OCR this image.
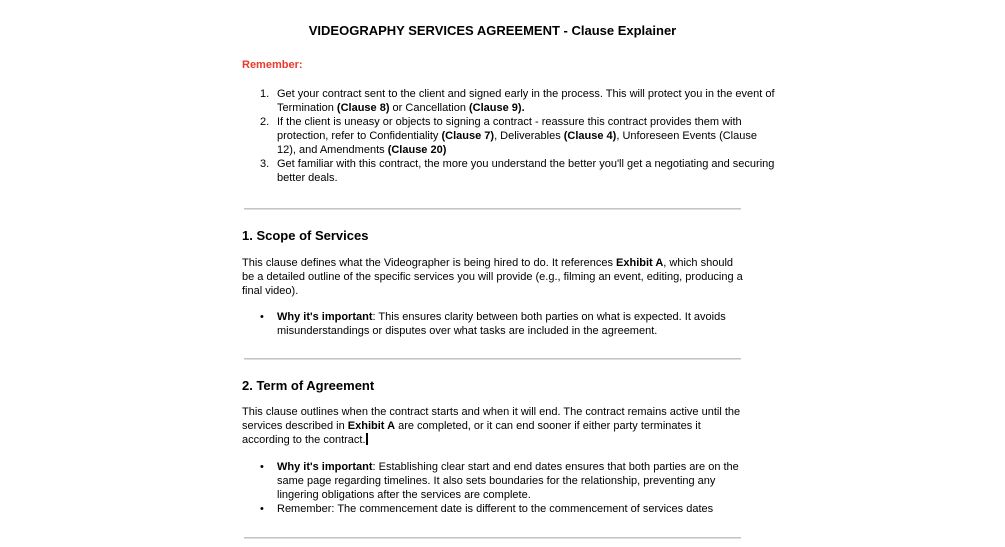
VIDEOGRAPHY SERVICES AGREEMENT - Clause Explainer
Remember:
1. Get your contract sent to the client and signed early in the process. This will protect you in the event of Termination (Clause 8) or Cancellation (Clause 9).
2. If the client is uneasy or objects to signing a contract - reassure this contract provides them with protection, refer to Confidentiality (Clause 7), Deliverables (Clause 4), Unforeseen Events (Clause 12), and Amendments (Clause 20)
3. Get familiar with this contract, the more you understand the better you'll get a negotiating and securing better deals.
1. Scope of Services
This clause defines what the Videographer is being hired to do. It references Exhibit A, which should be a detailed outline of the specific services you will provide (e.g., filming an event, editing, producing a final video).
• Why it's important: This ensures clarity between both parties on what is expected. It avoids misunderstandings or disputes over what tasks are included in the agreement.
2. Term of Agreement
This clause outlines when the contract starts and when it will end. The contract remains active until the services described in Exhibit A are completed, or it can end sooner if either party terminates it according to the contract.
• Why it's important: Establishing clear start and end dates ensures that both parties are on the same page regarding timelines. It also sets boundaries for the relationship, preventing any lingering obligations after the services are complete.
• Remember: The commencement date is different to the commencement of services dates
